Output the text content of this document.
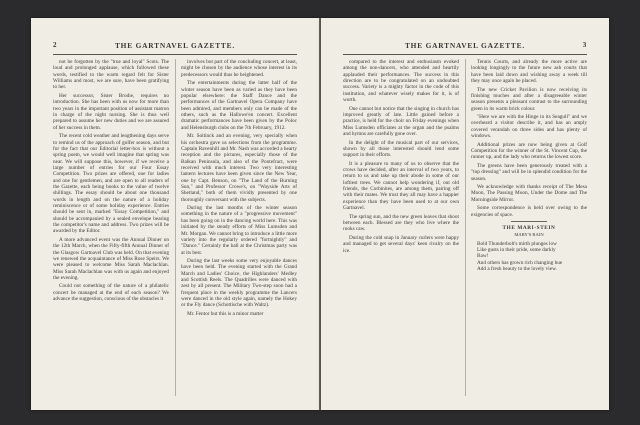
2	THE GARTNAVEL GAZETTE.

not be forgotten by the "true and loyal" Scots. The loud and prolonged applause, which followed these words, testified to the warm regard felt for Sister Williams and most, we are sure, have been gratifying to her.

Her successor, Sister Brodie, requires no introduction. She has been with us now for more than two years in the important position of assistant matron in charge of the night nursing. She is thus well prepared to assume her new duties and we are assured of her success in them.

The recent cold weather and lengthening days serve to remind us of the approach of golfer season, and but for the fact that our Editorial letter-box is without a spring poem, we would well imagine that spring was near. We will suppose this, however, if we receive a large number of entries for our Four Essay Competition. Two prizes are offered, one for ladies and one for gentlemen, and are open to all readers of the Gazette, each being books to the value of twelve shillings. The essay should be about one thousand words in length and on the nature of a holiday reminiscence or of some holiday experience. Entries should be sent in, marked "Essay Competition," and should be accompanied by a sealed envelope bearing the competitor's name and address. Two prizes will be awarded by the Editor.

A more advanced event was the Annual Dinner on the 12th March, when the Fifty-fifth Annual Dinner of the Glasgow Gartnavel Club was held. On that evening we renewed the acquaintance of Miss Rose Speirs. We were pleased to welcome Miss Sarah Maclachlan. Miss Sarah Maclachlan was with us again and enjoyed the evening.

Could not something of the nature of a philatelic concert be managed at the end of each season? We advance the suggestion, conscious of the obstacles it

involves but part of the concluding concert, at least, might be chosen by the audience whose interest in its predecessors would thus be heightened.

The entertainments during the latter half of the winter season have been as varied as they have been popular elsewhere: the Staff Dance and the performances of the Gartnavel Opera Company have been admired, and members only can be made of the others, such as the Hallowe'en concert. Excellent dramatic performances have been given by the Poloc and Helensburgh clubs on the 7th February, 1912.

Mr. Soltinck and an evening, very specially when his orchestra gave us selections from the programme. Captain Ravenhill and Mr. Nash was accorded a hearty reception and the pictures, especially those of the Balkan Peninsula, and also of the Pontefract, were received with much interest. Two very interesting lantern lectures have been given since the New Year, one by Capt. Benson, on "The Land of the Burning Sun," and Professor Crowe's, on "Wayside Arts of Shetland," both of them vividly presented by one thoroughly conversant with the subjects.

During the last months of the winter season something in the nature of a "progressive movement" has been going on in the dancing world here. This was initiated by the steady efforts of Miss Lumsden and Mr. Morgan. We cannot bring to introduce a little more variety into the regularly ordered "fortnightly" and "Dance." Certainly the ball at the Christmas party was at its best.

During the last weeks some very enjoyable dances have been held. The evening started with the Grand March and Ladies' Choice, the Highlanders' Medley and Scottish Reels. The Quadrilles were danced with zest by all present. The Military Two-step soon had a frequent place in the weekly programme the Lancers were danced in the old style again, namely the Hokey or the Fly dance (Schottische with Waltz).

Mr. Fentor but this is a minor matter

THE GARTNAVEL GAZETTE.	3

compared to the interest and enthusiasm evoked among the non-dancers, who attended and heartily applauded their performances. The success in this direction are to be congratulated on an undoubted success. Variety is a mighty factor in the code of this institution, and whatever wisely makes for it, is of worth.

One cannot but notice that the singing in church has improved greatly of late. Little gained before a practice, is held for the choir on Friday evenings when Miss Lumsden officiates at the organ and the psalms and hymns are carefully gone over.

In the delight of the musical part of our services, shown by all those interested should lend some support in their efforts.

It is a pleasure to many of us to observe that the crows have decided, after an interval of two years, to return to us and take up their abode in some of our loftiest trees. We cannot help wondering if, out old friends, the Corbinites, are among them, pairing off with their mates. We trust they all may have a happier experience than they have been used to at our own Gartnavel.

The spring sun, and the new green leaves that shoot between each. Blessed are they who live where the rooks caw.

During the cold snap in January curlers were happy and managed to get several days' keen rivalry on the ice.

Tennis Courts, and already the more active are looking longingly to the future new ash courts that have been laid down and wishing away a week till they may once again be placed.

The new Cricket Pavilion is now receiving its finishing touches and after a disagreeable winter season presents a pleasant contrast to the surrounding green in its warm brick colour.

"Here we are with the Hinge in its Seagull" and we overheard a visitor describe it, and has an amply covered verandah on three sides and has plenty of windows.

Additional prizes are now being given at Golf Competition for the winner of the St. Vincent Cup, the runner up, and the lady who returns the lowest score.

The greens have been generously treated with a "top dressing" and will be in splendid condition for the season.

We acknowledge with thanks receipt of The Mesa Moon, The Passing Moon, Under the Dome and The Morningside Mirror.

Some correspondence is held over owing to the exigencies of space.

THE MARI-STEIN
MARY'S RAIN
Bold Thunderbolt's mirth plunges low
Like gusts in their pride, some darkly
Baw!
And others has grown rich changing hue
Add a fresh beauty to the lovely view.
